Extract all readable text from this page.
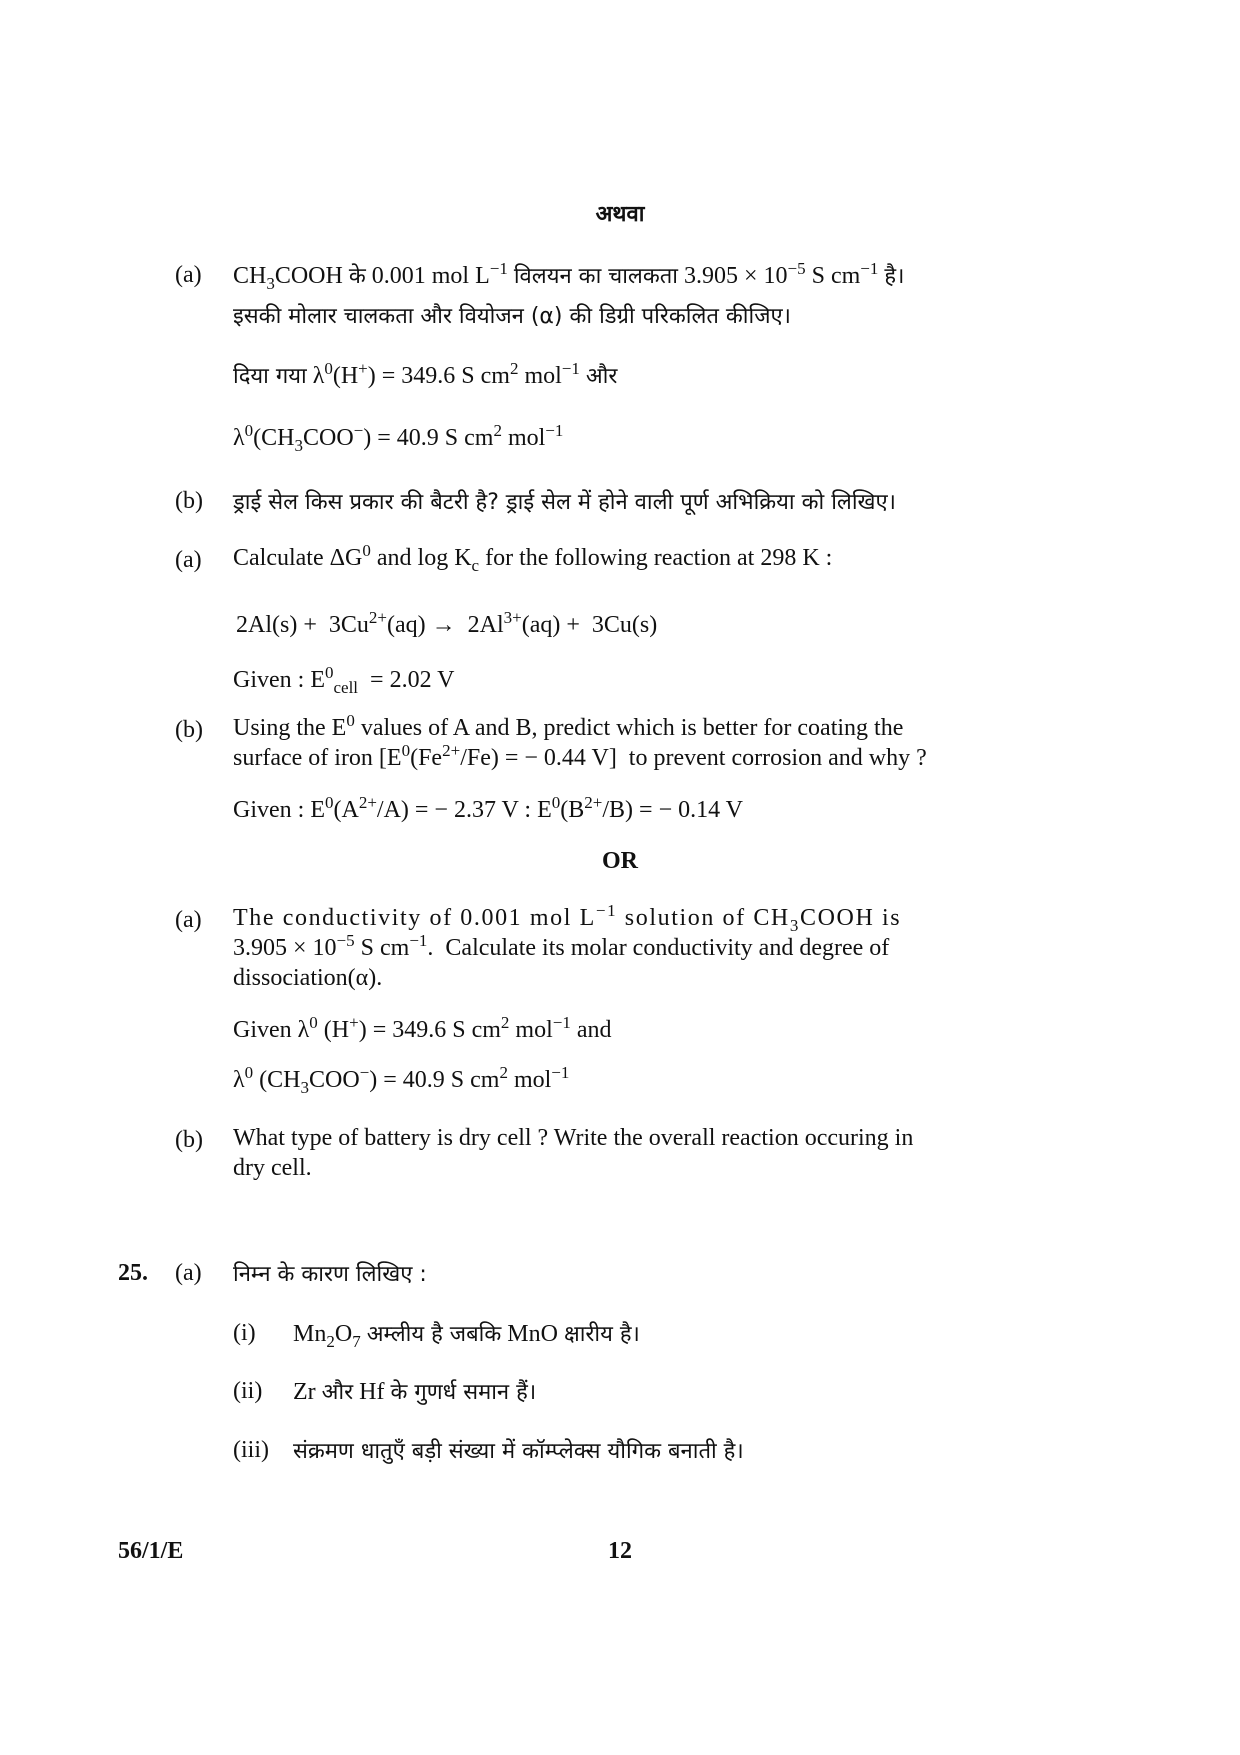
अथवा
(a)	$CH_3COOH$ के 0.001 mol $L^{-1}$ विलयन का चालकता $3.905 \times 10^{-5}$ S $cm^{-1}$ है।
इसकी मोलार चालकता और वियोजन (α) की डिग्री परिकलित कीजिए।
दिया गया $\lambda^0(H^+) = 349.6$ S $cm^2$ mol$^{-1}$ और
$\lambda^0(CH_3COO^-) = 40.9$ S $cm^2$ mol$^{-1}$
(b)	ड्राई सेल किस प्रकार की बैटरी है? ड्राई सेल में होने वाली पूर्ण अभिक्रिया को लिखिए।
(a)	Calculate $\Delta G^0$ and $\log K_c$ for the following reaction at 298 K :
$2Al(s) + 3Cu^{2+}(aq) \to 2Al^{3+}(aq) + 3Cu(s)$
Given : $E^0_{cell} = 2.02$ V
(b)	Using the $E^0$ values of A and B, predict which is better for coating the
surface of iron [$E^0(Fe^{2+}/Fe)$ = − 0.44 V]  to prevent corrosion and why ?
Given : $E^0(A^{2+}/A)$ = − 2.37 V : $E^0(B^{2+}/B)$ = − 0.14 V
OR
(a)	The conductivity of 0.001 mol $L^{-1}$ solution of $CH_3COOH$ is
$3.905 \times 10^{-5}$ S $cm^{-1}$.  Calculate its molar conductivity and degree of
dissociation(α).
Given $\lambda^0$ (H+) = 349.6 S $cm^2$ mol$^{-1}$ and
$\lambda^0$ $(CH_3COO^-) = 40.9$ S $cm^2$ mol$^{-1}$
(b)	What type of battery is dry cell ? Write the overall reaction occuring in
dry cell.
25. (a)	निम्न के कारण लिखिए :
(i) $Mn_2O_7$ अम्लीय है जबकि MnO क्षारीय है।
(ii) Zr और Hf के गुणर्ध समान हैं।
(iii) संक्रमण धातुएँ बड़ी संख्या में कॉम्प्लेक्स यौगिक बनाती है।
56/1/E	12
